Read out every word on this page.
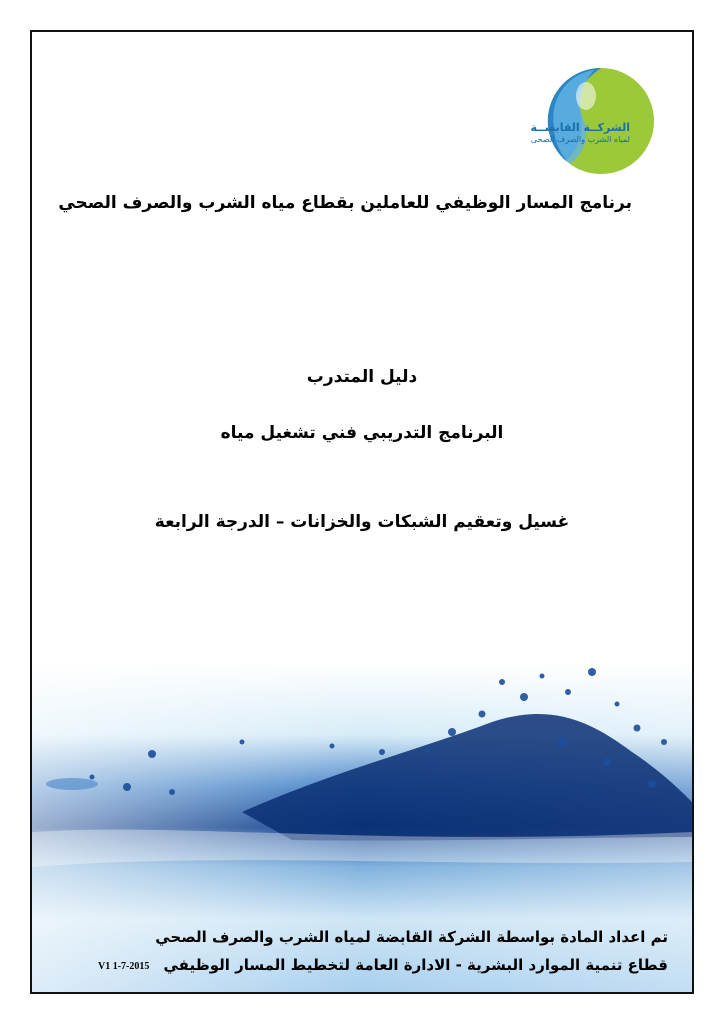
الشركــة القابضــة
لمياه الشرب والصرف الصحى
برنامج المسار الوظيفي للعاملين بقطاع مياه الشرب والصرف الصحي
دليل المتدرب
البرنامج التدريبي فني تشغيل مياه
غسيل وتعقيم الشبكات والخزانات – الدرجة الرابعة
تم اعداد المادة بواسطة الشركة القابضة لمياه الشرب والصرف الصحي
قطاع تنمية الموارد البشرية - الادارة العامة لتخطيط المسار الوظيفي
V1 1-7-2015
